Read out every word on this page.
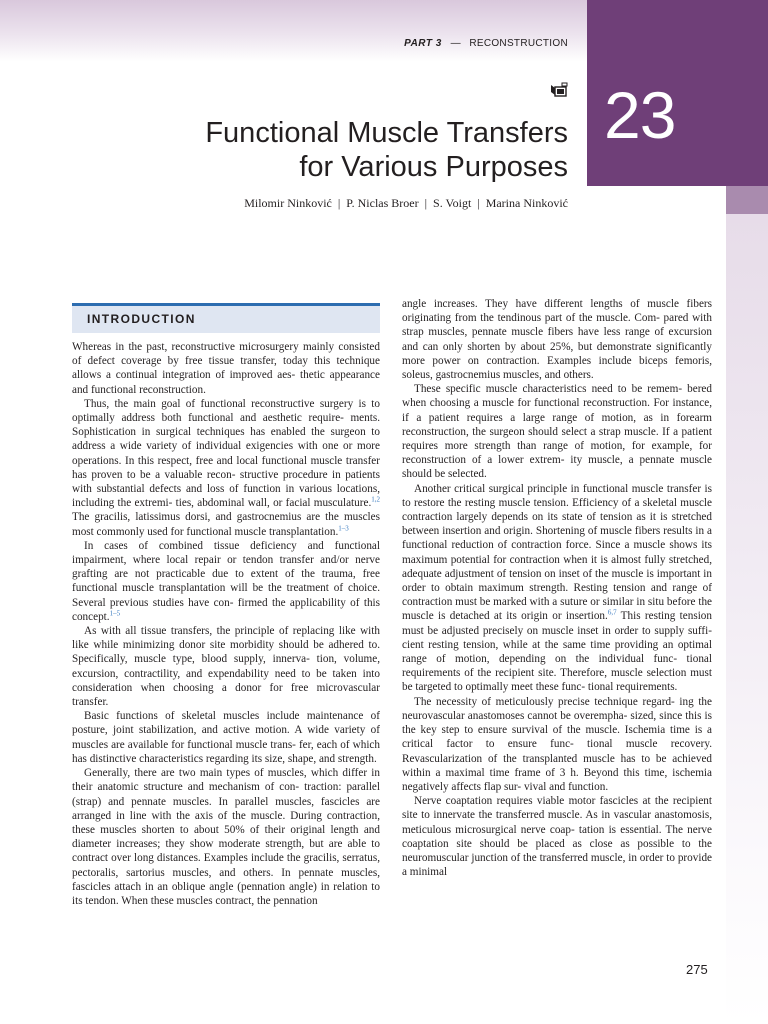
23
PART 3 — RECONSTRUCTION
Functional Muscle Transfers
for Various Purposes
Milomir Ninković | P. Niclas Broer | S. Voigt | Marina Ninković
INTRODUCTION

Whereas in the past, reconstructive microsurgery mainly consisted of defect coverage by free tissue transfer, today this technique allows a continual integration of improved aes- thetic appearance and functional reconstruction.

Thus, the main goal of functional reconstructive surgery is to optimally address both functional and aesthetic require- ments. Sophistication in surgical techniques has enabled the surgeon to address a wide variety of individual exigencies with one or more operations. In this respect, free and local functional muscle transfer has proven to be a valuable recon- structive procedure in patients with substantial defects and loss of function in various locations, including the extremi- ties, abdominal wall, or facial musculature.$^{1,2}$ The gracilis, latissimus dorsi, and gastrocnemius are the muscles most commonly used for functional muscle transplantation.$^{1-3}$

In cases of combined tissue deficiency and functional impairment, where local repair or tendon transfer and/or nerve grafting are not practicable due to extent of the trauma, free functional muscle transplantation will be the treatment of choice. Several previous studies have con- firmed the applicability of this concept.$^{1-5}$

As with all tissue transfers, the principle of replacing like with like while minimizing donor site morbidity should be adhered to. Specifically, muscle type, blood supply, innerva- tion, volume, excursion, contractility, and expendability need to be taken into consideration when choosing a donor for free microvascular transfer.

Basic functions of skeletal muscles include maintenance of posture, joint stabilization, and active motion. A wide variety of muscles are available for functional muscle trans- fer, each of which has distinctive characteristics regarding its size, shape, and strength.

Generally, there are two main types of muscles, which differ in their anatomic structure and mechanism of con- traction: parallel (strap) and pennate muscles. In parallel muscles, fascicles are arranged in line with the axis of the muscle. During contraction, these muscles shorten to about 50% of their original length and diameter increases; they show moderate strength, but are able to contract over long distances. Examples include the gracilis, serratus, pectoralis, sartorius muscles, and others. In pennate muscles, fascicles attach in an oblique angle (pennation angle) in relation to its tendon. When these muscles contract, the pennation

angle increases. They have different lengths of muscle fibers originating from the tendinous part of the muscle. Com- pared with strap muscles, pennate muscle fibers have less range of excursion and can only shorten by about 25%, but demonstrate significantly more power on contraction. Examples include biceps femoris, soleus, gastrocnemius muscles, and others.

These specific muscle characteristics need to be remem- bered when choosing a muscle for functional reconstruction. For instance, if a patient requires a large range of motion, as in forearm reconstruction, the surgeon should select a strap muscle. If a patient requires more strength than range of motion, for example, for reconstruction of a lower extrem- ity muscle, a pennate muscle should be selected.

Another critical surgical principle in functional muscle transfer is to restore the resting muscle tension. Efficiency of a skeletal muscle contraction largely depends on its state of tension as it is stretched between insertion and origin. Shortening of muscle fibers results in a functional reduction of contraction force. Since a muscle shows its maximum potential for contraction when it is almost fully stretched, adequate adjustment of tension on inset of the muscle is important in order to obtain maximum strength. Resting tension and range of contraction must be marked with a suture or similar in situ before the muscle is detached at its origin or insertion.$^{6,7}$ This resting tension must be adjusted precisely on muscle inset in order to supply suffi- cient resting tension, while at the same time providing an optimal range of motion, depending on the individual func- tional requirements of the recipient site. Therefore, muscle selection must be targeted to optimally meet these func- tional requirements.

The necessity of meticulously precise technique regard- ing the neurovascular anastomoses cannot be overempha- sized, since this is the key step to ensure survival of the muscle. Ischemia time is a critical factor to ensure func- tional muscle recovery. Revascularization of the transplanted muscle has to be achieved within a maximal time frame of 3 h. Beyond this time, ischemia negatively affects flap sur- vival and function.

Nerve coaptation requires viable motor fascicles at the recipient site to innervate the transferred muscle. As in vascular anastomosis, meticulous microsurgical nerve coap- tation is essential. The nerve coaptation site should be placed as close as possible to the neuromuscular junction of the transferred muscle, in order to provide a minimal

275
